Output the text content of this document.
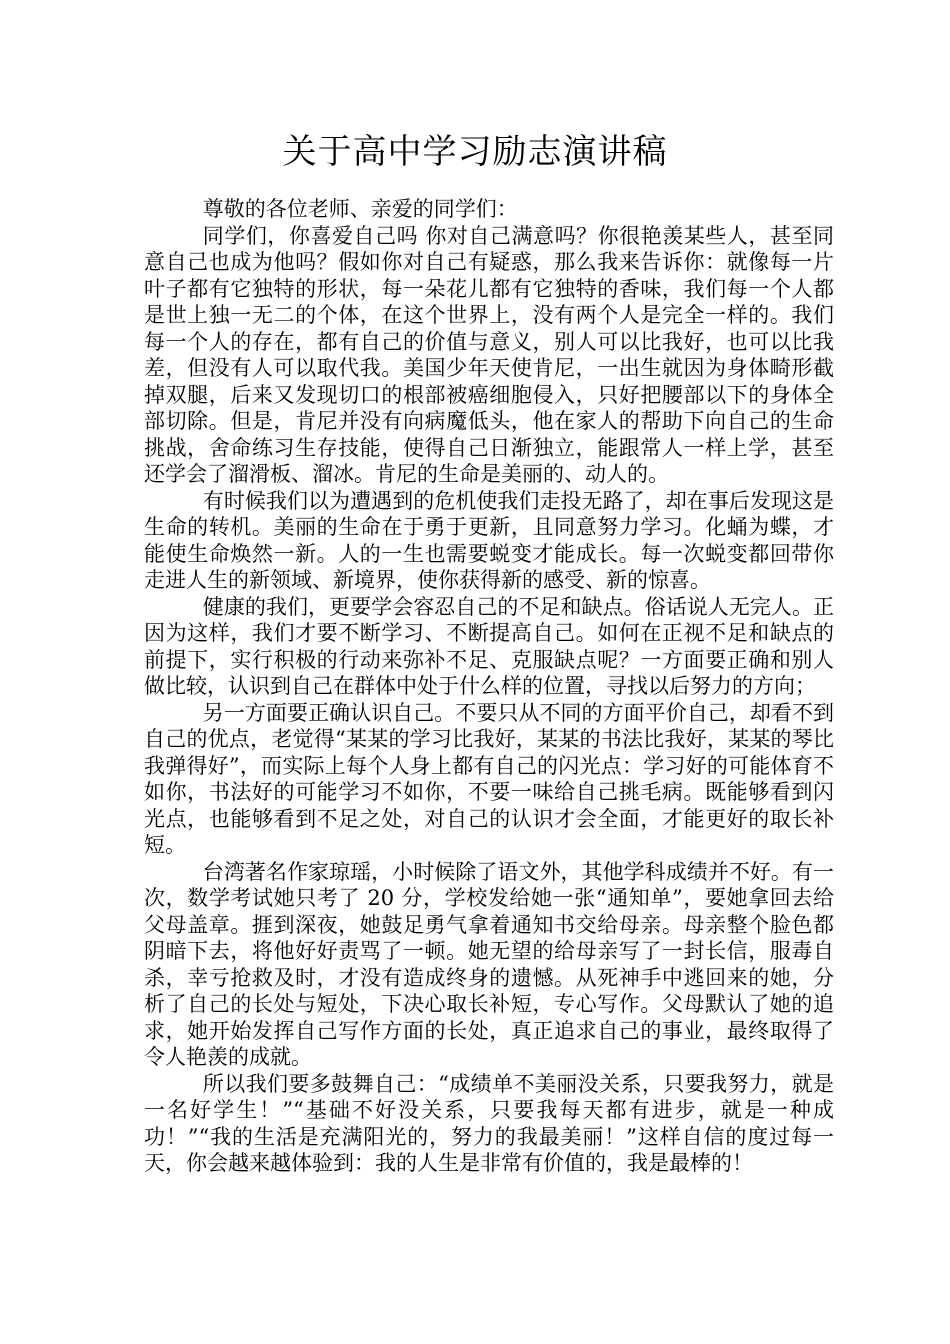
关于高中学习励志演讲稿

尊敬的各位老师、亲爱的同学们：

同学们，你喜爱自己吗 你对自己满意吗？你很艳羡某些人，甚至同意自己也成为他吗？假如你对自己有疑惑，那么我来告诉你：就像每一片叶子都有它独特的形状，每一朵花儿都有它独特的香味，我们每一个人都是世上独一无二的个体，在这个世界上，没有两个人是完全一样的。我们每一个人的存在，都有自己的价值与意义，别人可以比我好，也可以比我差，但没有人可以取代我。美国少年天使肯尼，一出生就因为身体畸形截掉双腿，后来又发现切口的根部被癌细胞侵入，只好把腰部以下的身体全部切除。但是，肯尼并没有向病魔低头，他在家人的帮助下向自己的生命挑战，舍命练习生存技能，使得自己日渐独立，能跟常人一样上学，甚至还学会了溜滑板、溜冰。肯尼的生命是美丽的、动人的。

有时候我们以为遭遇到的危机使我们走投无路了，却在事后发现这是生命的转机。美丽的生命在于勇于更新，且同意努力学习。化蛹为蝶，才能使生命焕然一新。人的一生也需要蜕变才能成长。每一次蜕变都回带你走进人生的新领域、新境界，使你获得新的感受、新的惊喜。

健康的我们，更要学会容忍自己的不足和缺点。俗话说人无完人。正因为这样，我们才要不断学习、不断提高自己。如何在正视不足和缺点的前提下，实行积极的行动来弥补不足、克服缺点呢？一方面要正确和别人做比较，认识到自己在群体中处于什么样的位置，寻找以后努力的方向；

另一方面要正确认识自己。不要只从不同的方面平价自己，却看不到自己的优点，老觉得“某某的学习比我好，某某的书法比我好，某某的琴比我弹得好”，而实际上每个人身上都有自己的闪光点：学习好的可能体育不如你，书法好的可能学习不如你，不要一味给自己挑毛病。既能够看到闪光点，也能够看到不足之处，对自己的认识才会全面，才能更好的取长补短。

台湾著名作家琼瑶，小时候除了语文外，其他学科成绩并不好。有一次，数学考试她只考了 20 分，学校发给她一张“通知单”，要她拿回去给父母盖章。捱到深夜，她鼓足勇气拿着通知书交给母亲。母亲整个脸色都阴暗下去，将他好好责骂了一顿。她无望的给母亲写了一封长信，服毒自杀，幸亏抢救及时，才没有造成终身的遗憾。从死神手中逃回来的她，分析了自己的长处与短处，下决心取长补短，专心写作。父母默认了她的追求，她开始发挥自己写作方面的长处，真正追求自己的事业，最终取得了令人艳羡的成就。

所以我们要多鼓舞自己：“成绩单不美丽没关系，只要我努力，就是一名好学生！”“基础不好没关系，只要我每天都有进步，就是一种成功！”“我的生活是充满阳光的，努力的我最美丽！”这样自信的度过每一天，你会越来越体验到：我的人生是非常有价值的，我是最棒的！
